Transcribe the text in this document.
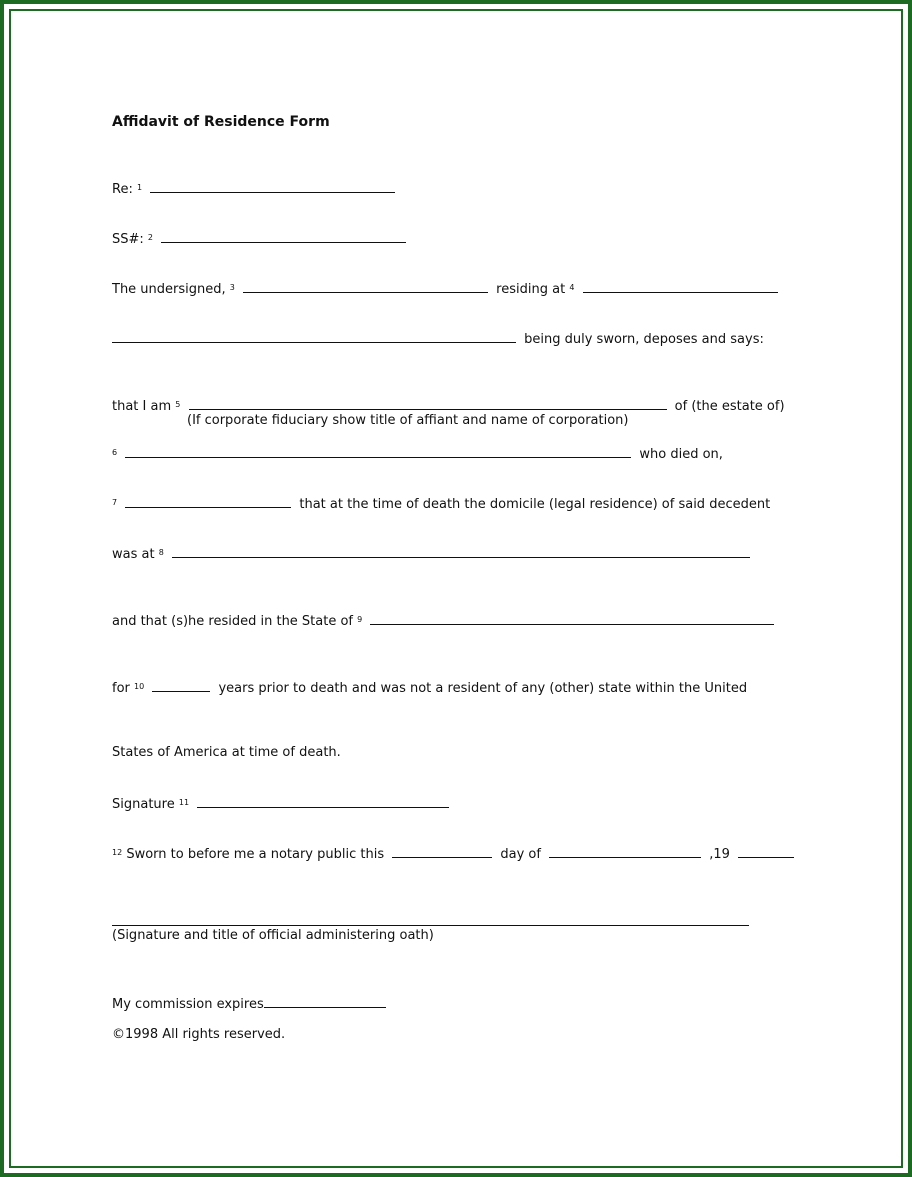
Affidavit of Residence Form
Re: $^1$
SS#: $^2$
The undersigned, $^3$	residing at $^4$
being duly sworn, deposes and says:
that I am $^5$	of (the estate of)
(If corporate fiduciary show title of affiant and name of corporation)
$^6$	who died on,
$^7$	that at the time of death the domicile (legal residence) of said decedent
was at $^8$
and that (s)he resided in the State of $^9$
for $^{10}$	years prior to death and was not a resident of any (other) state within the United
States of America at time of death.
Signature $^{11}$
$^{12}$ Sworn to before me a notary public this	day of	,19
(Signature and title of official administering oath)
My commission expires
©1998 All rights reserved.
